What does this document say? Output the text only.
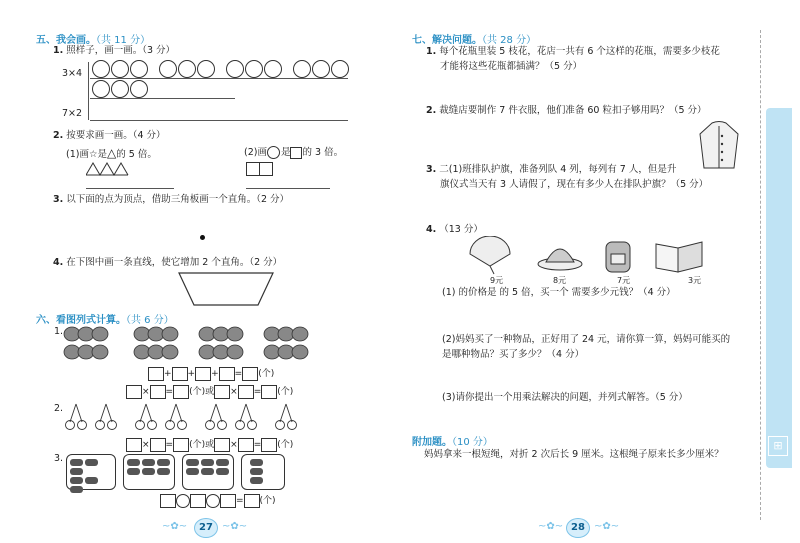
五、我会画。（共 11 分）
1. 照样子，画一画。（3 分）
3×4

7×2
2. 按要求画一画。（4 分）
(1)画☆是△的 5 倍。	(2)画 是 的 3 倍。
3. 以下面的点为顶点，借助三角板画一个直角。（2 分）
4. 在下图中画一条直线，使它增加 2 个直角。（2 分）
六、看图列式计算。（共 6 分）
1.
+ + + = (个)
× = (个)或 × = (个)
2.
× = (个)或 × = (个)
3.

= (个)
~✿~	27 ~✿~
七、解决问题。（共 28 分）
1. 每个花瓶里装 5 枝花，花店一共有 6 个这样的花瓶，需要多少枝花
才能将这些花瓶都插满？（5 分）
2. 裁缝店要制作 7 件衣服，他们准备 60 粒扣子够用吗？（5 分）
3. 二(1)班排队护旗，准备列队 4 列，每列有 7 人，但是升
旗仪式当天有 3 人请假了，现在有多少人在排队护旗？（5 分）
4. （13 分）
9元	8元	7元	3元
(1) 的价格是 的 5 倍，买一个 需要多少元钱？（4 分）
(2)妈妈买了一种物品，正好用了 24 元，请你算一算，妈妈可能买的
是哪种物品？买了多少？（4 分）
(3)请你提出一个用乘法解决的问题，并列式解答。（5 分）
附加题。（10 分）
妈妈拿来一根短绳，对折 2 次后长 9 厘米。这根绳子原来长多少厘米？
~✿~ 28 ~✿~
⊞
